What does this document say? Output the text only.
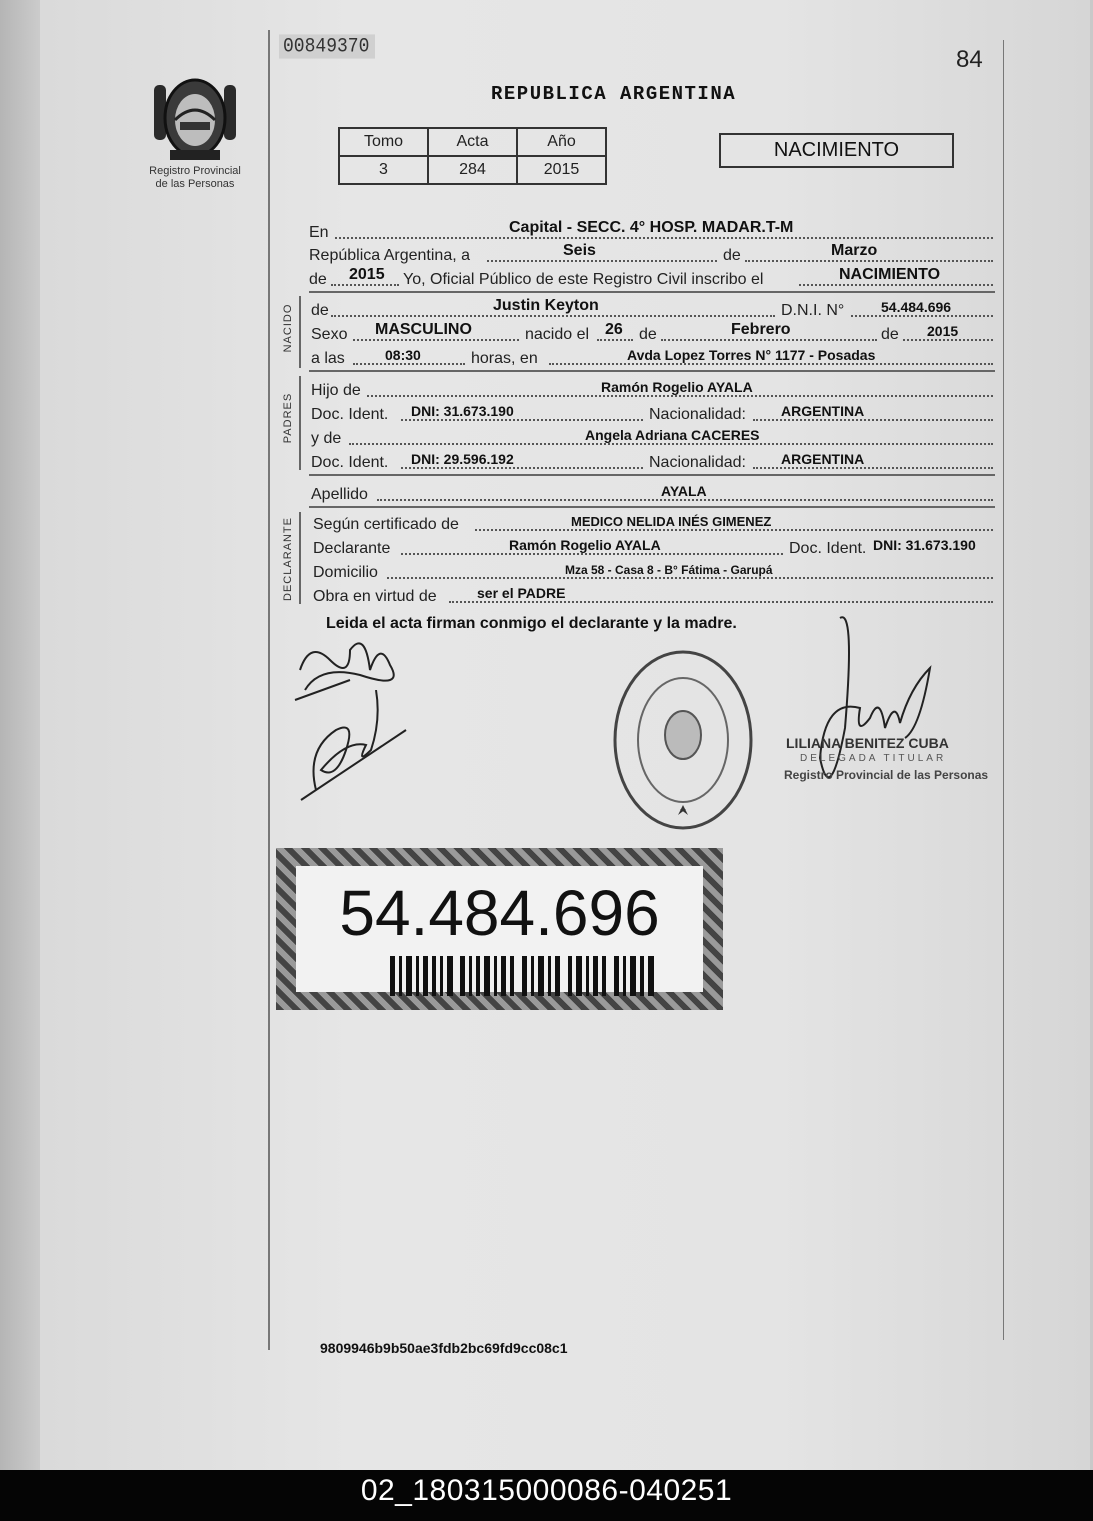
Registro Provincial
de las Personas
00849370	84
REPUBLICA ARGENTINA
Tomo	Acta	Año
3	284	2015
NACIMIENTO
En	Capital - SECC. 4° HOSP. MADAR.T-M
República Argentina, a	Seis	de	Marzo
de 2015 Yo, Oficial Público de este Registro Civil inscribo el	NACIMIENTO
NACIDO de	Justin Keyton	D.N.I. N°	54.484.696
Sexo MASCULINO	nacido el 26 de	Febrero	de 2015
a las	08:30	horas, en	Avda Lopez Torres N° 1177 - Posadas
PADRES
Hijo de	Ramón Rogelio AYALA
Doc. Ident. DNI: 31.673.190	Nacionalidad:	ARGENTINA
y de	Angela Adriana CACERES
Doc. Ident. DNI: 29.596.192	Nacionalidad:	ARGENTINA
Apellido	AYALA
DECLARANTE Según certificado de	MEDICO NELIDA INÉS GIMENEZ
Declarante	Ramón Rogelio AYALA	Doc. Ident. DNI: 31.673.190
Domicilio	Mza 58 - Casa 8 - B° Fátima - Garupá
Obra en virtud de	ser el PADRE
Leida el acta firman conmigo el declarante y la madre.
LILIANA BENITEZ CUBA
DELEGADA TITULAR
Registro Provincial de las Personas
54.484.696
9809946b9b50ae3fdb2bc69fd9cc08c1
02_180315000086-040251
